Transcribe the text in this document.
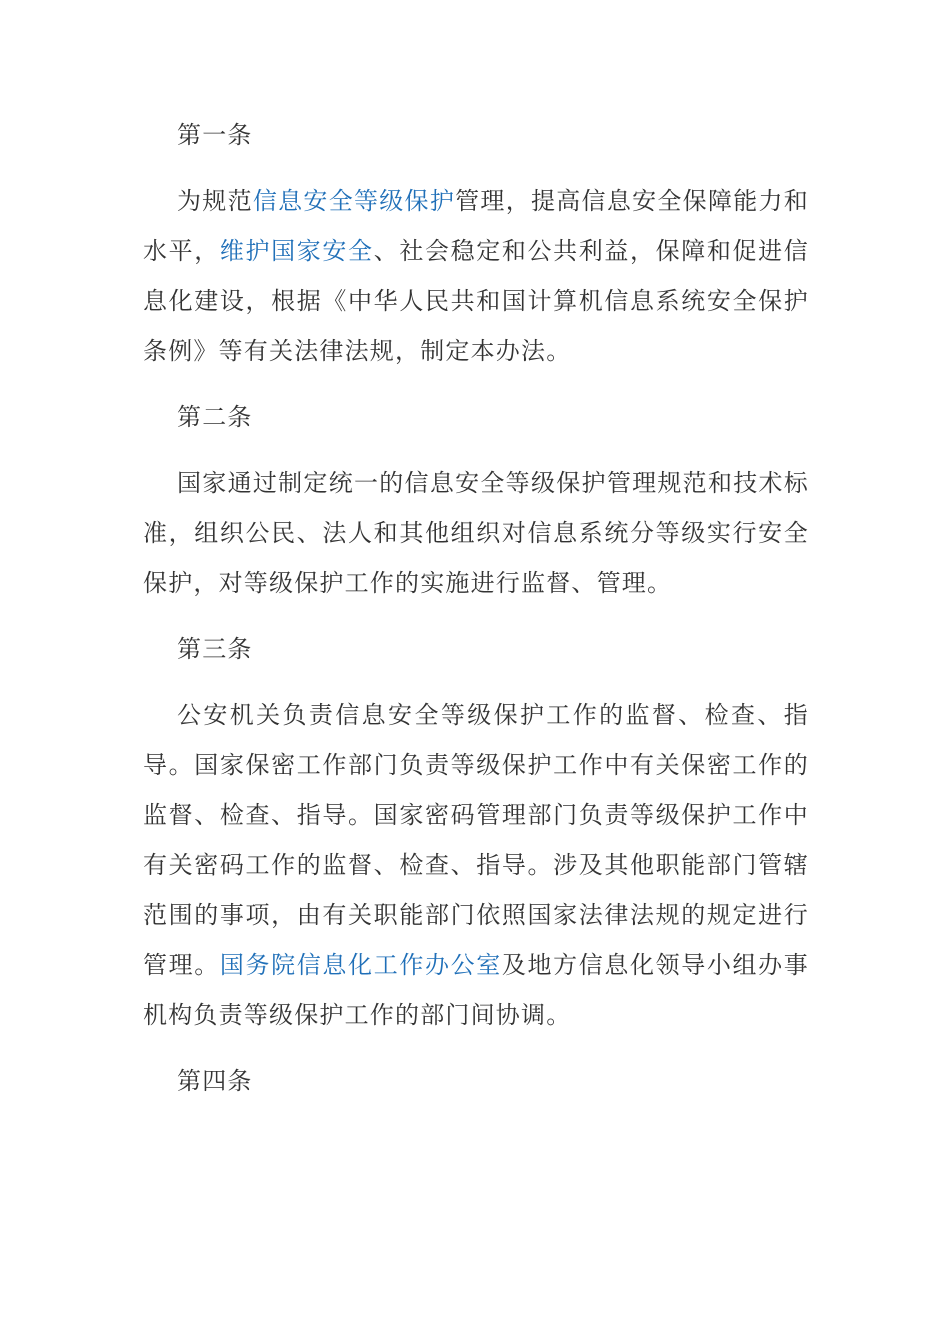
第一条

为规范信息安全等级保护管理，提高信息安全保障能力和水平，维护国家安全、社会稳定和公共利益，保障和促进信息化建设，根据《中华人民共和国计算机信息系统安全保护条例》等有关法律法规，制定本办法。

第二条

国家通过制定统一的信息安全等级保护管理规范和技术标准，组织公民、法人和其他组织对信息系统分等级实行安全保护，对等级保护工作的实施进行监督、管理。

第三条

公安机关负责信息安全等级保护工作的监督、检查、指导。国家保密工作部门负责等级保护工作中有关保密工作的监督、检查、指导。国家密码管理部门负责等级保护工作中有关密码工作的监督、检查、指导。涉及其他职能部门管辖范围的事项，由有关职能部门依照国家法律法规的规定进行管理。国务院信息化工作办公室及地方信息化领导小组办事机构负责等级保护工作的部门间协调。

第四条
